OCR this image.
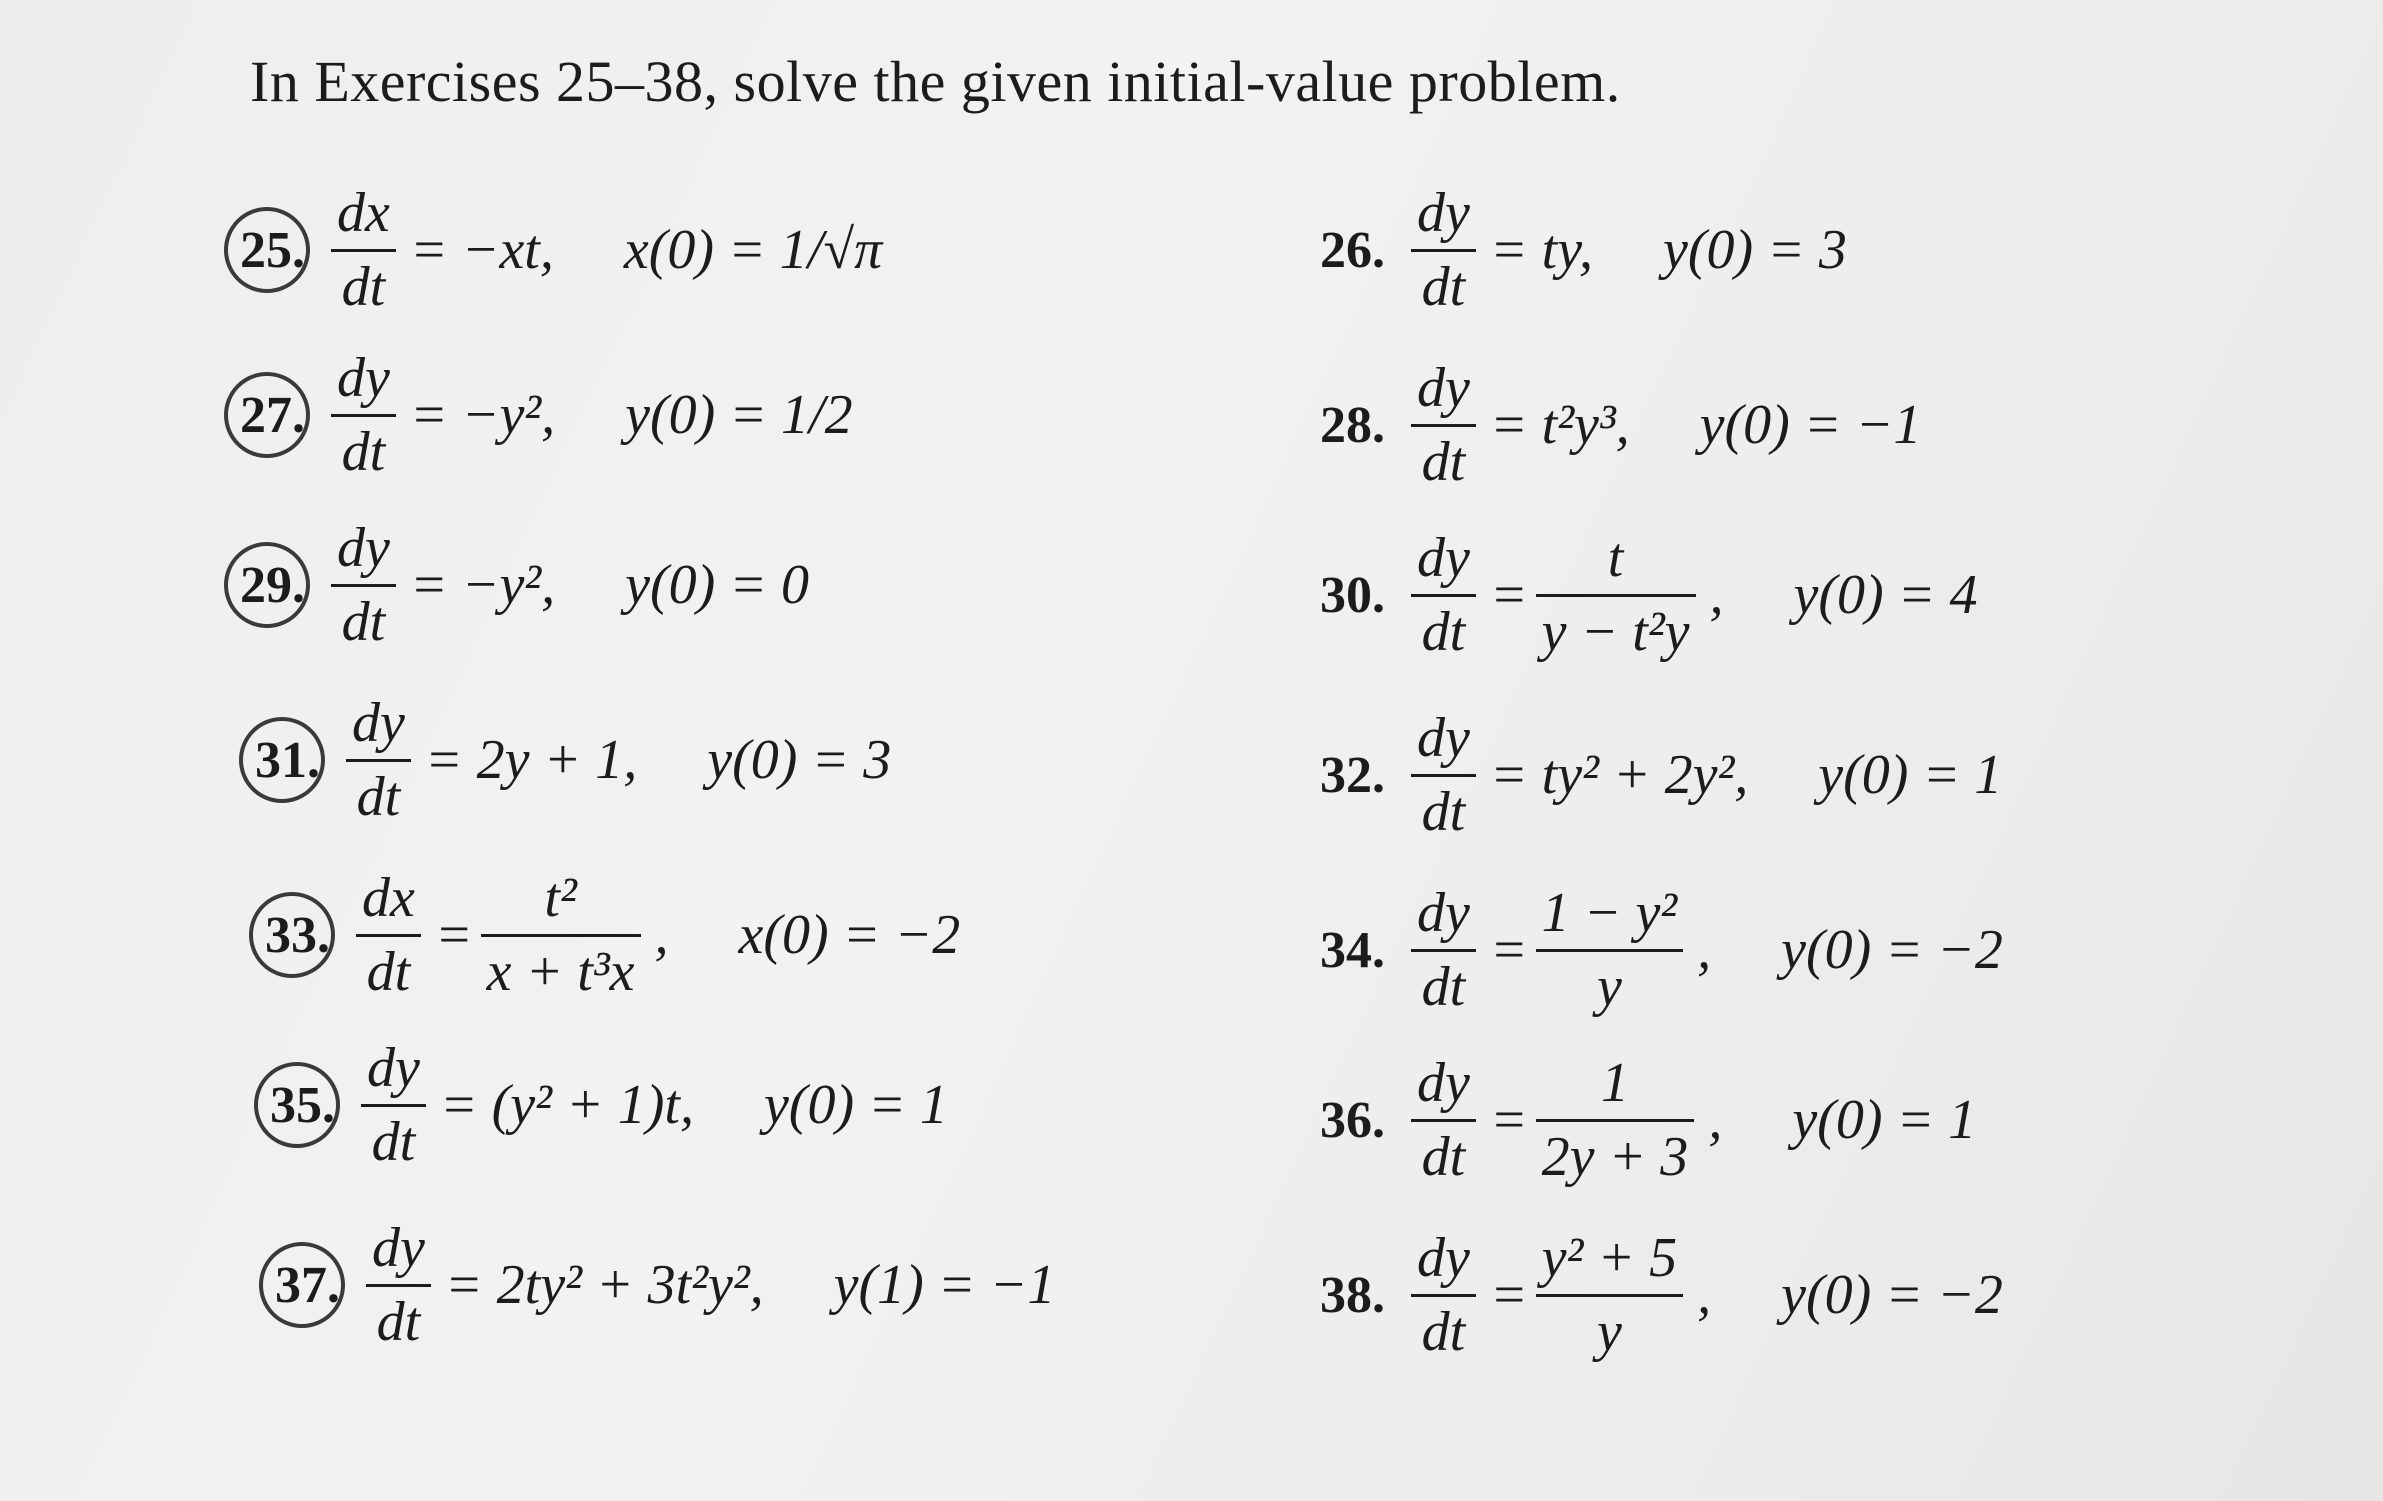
In Exercises 25–38, solve the given initial-value problem.
25. $\frac{dx}{dt} = -xt$, x(0) = 1/√π	26. $\frac{dy}{dt}$ = ty, y(0) = 3
27. $\frac{dy}{dt} = -y^2$, y(0) = 1/2	28. $\frac{dy}{dt} = t^2y^3$, y(0) = −1
29. $\frac{dy}{dt} = -y^2$, y(0) = 0	30. $\frac{dy}{dt} = \frac{t}{\text{y − t²y}}$ , y(0) = 4
31. $\frac{dy}{dt} = 2y + 1$, y(0) = 3	32. $\frac{dy}{dt} = ty^2 + 2y^2$, y(0) = 1
33. $\frac{dx}{dt} = \frac{\text{t²}}{\text{x + t³x}}$ , x(0) = −2	34. $\frac{dy}{dt} = \frac{\text{1 − y²}}{y}$ , y(0) = −2
35. $\frac{dy}{dt} = (y^2 + 1)t$, y(0) = 1	36. $\frac{dy}{dt} = \frac{1}{2y + 3}$ , y(0) = 1
37. $\frac{dy}{dt} = 2ty^2 + 3t^2y^2$, y(1) = −1	38. $\frac{dy}{dt} = \frac{\text{y² + 5}}{y}$ , y(0) = −2
